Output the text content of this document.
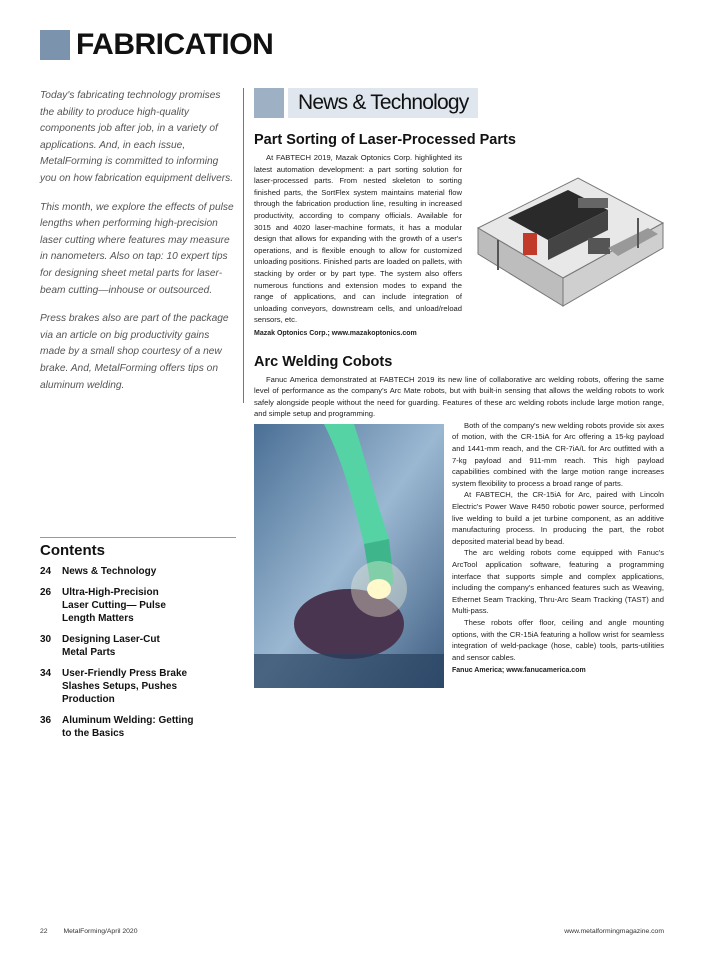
FABRICATION

Today's fabricating technology promises the ability to produce high-quality components job after job, in a variety of applications. And, in each issue, MetalForming is committed to informing you on how fabrication equipment delivers.

This month, we explore the effects of pulse lengths when performing high-precision laser cutting where features may measure in nanometers. Also on tap: 10 expert tips for designing sheet metal parts for laser-beam cutting—inhouse or outsourced.

Press brakes also are part of the package via an article on big productivity gains made by a small shop courtesy of a new brake. And, MetalForming offers tips on aluminum welding.

Contents
24	News & Technology
26	Ultra-High-Precision Laser Cutting— Pulse Length Matters
30	Designing Laser-Cut Metal Parts
34	User-Friendly Press Brake Slashes Setups, Pushes Production
36	Aluminum Welding: Getting to the Basics
News & Technology
Part Sorting of Laser-Processed Parts

At FABTECH 2019, Mazak Optonics Corp. highlighted its latest automation development: a part sorting solution for laser-processed parts. From nested skeleton to sorting finished parts, the SortFlex system maintains material flow through the fabrication production line, resulting in increased productivity, according to company officials. Available for 3015 and 4020 laser-machine formats, it has a modular design that allows for expanding with the growth of a user's operations, and is flexible enough to allow for customized unloading positions. Finished parts are loaded on pallets, with stacking by order or by part type. The system also offers numerous functions and extension modes to expand the range of applications, and can include integration of unloading conveyors, downstream cells, and unload/reload sensors, etc.

Mazak Optonics Corp.; www.mazakoptonics.com
Arc Welding Cobots

Fanuc America demonstrated at FABTECH 2019 its new line of collaborative arc welding robots, offering the same level of performance as the company's Arc Mate robots, but with built-in sensing that allows the welding robots to work safely alongside people without the need for guarding. Features of these arc welding robots include large motion range, and simple setup and programming.

Both of the company's new welding robots provide six axes of motion, with the CR-15iA for Arc offering a 15-kg payload and 1441-mm reach, and the CR-7iA/L for Arc outfitted with a 7-kg payload and 911-mm reach. This high payload capabilities combined with the large motion range increases system flexibility to process a broad range of parts.

At FABTECH, the CR-15iA for Arc, paired with Lincoln Electric's Power Wave R450 robotic power source, performed live welding to build a jet turbine component, as an additive manufacturing process. In producing the part, the robot deposited material bead by bead.

The arc welding robots come equipped with Fanuc's ArcTool application software, featuring a programming interface that supports simple and complex applications, including the company's enhanced features such as Weaving, Ethernet Seam Tracking, Thru-Arc Seam Tracking (TAST) and Multi-pass.

These robots offer floor, ceiling and angle mounting options, with the CR-15iA featuring a hollow wrist for seamless integration of weld-package (hose, cable) tools, parts-utilities and sensor cables.

Fanuc America; www.fanucamerica.com
22 MetalForming/April 2020	www.metalformingmagazine.com
